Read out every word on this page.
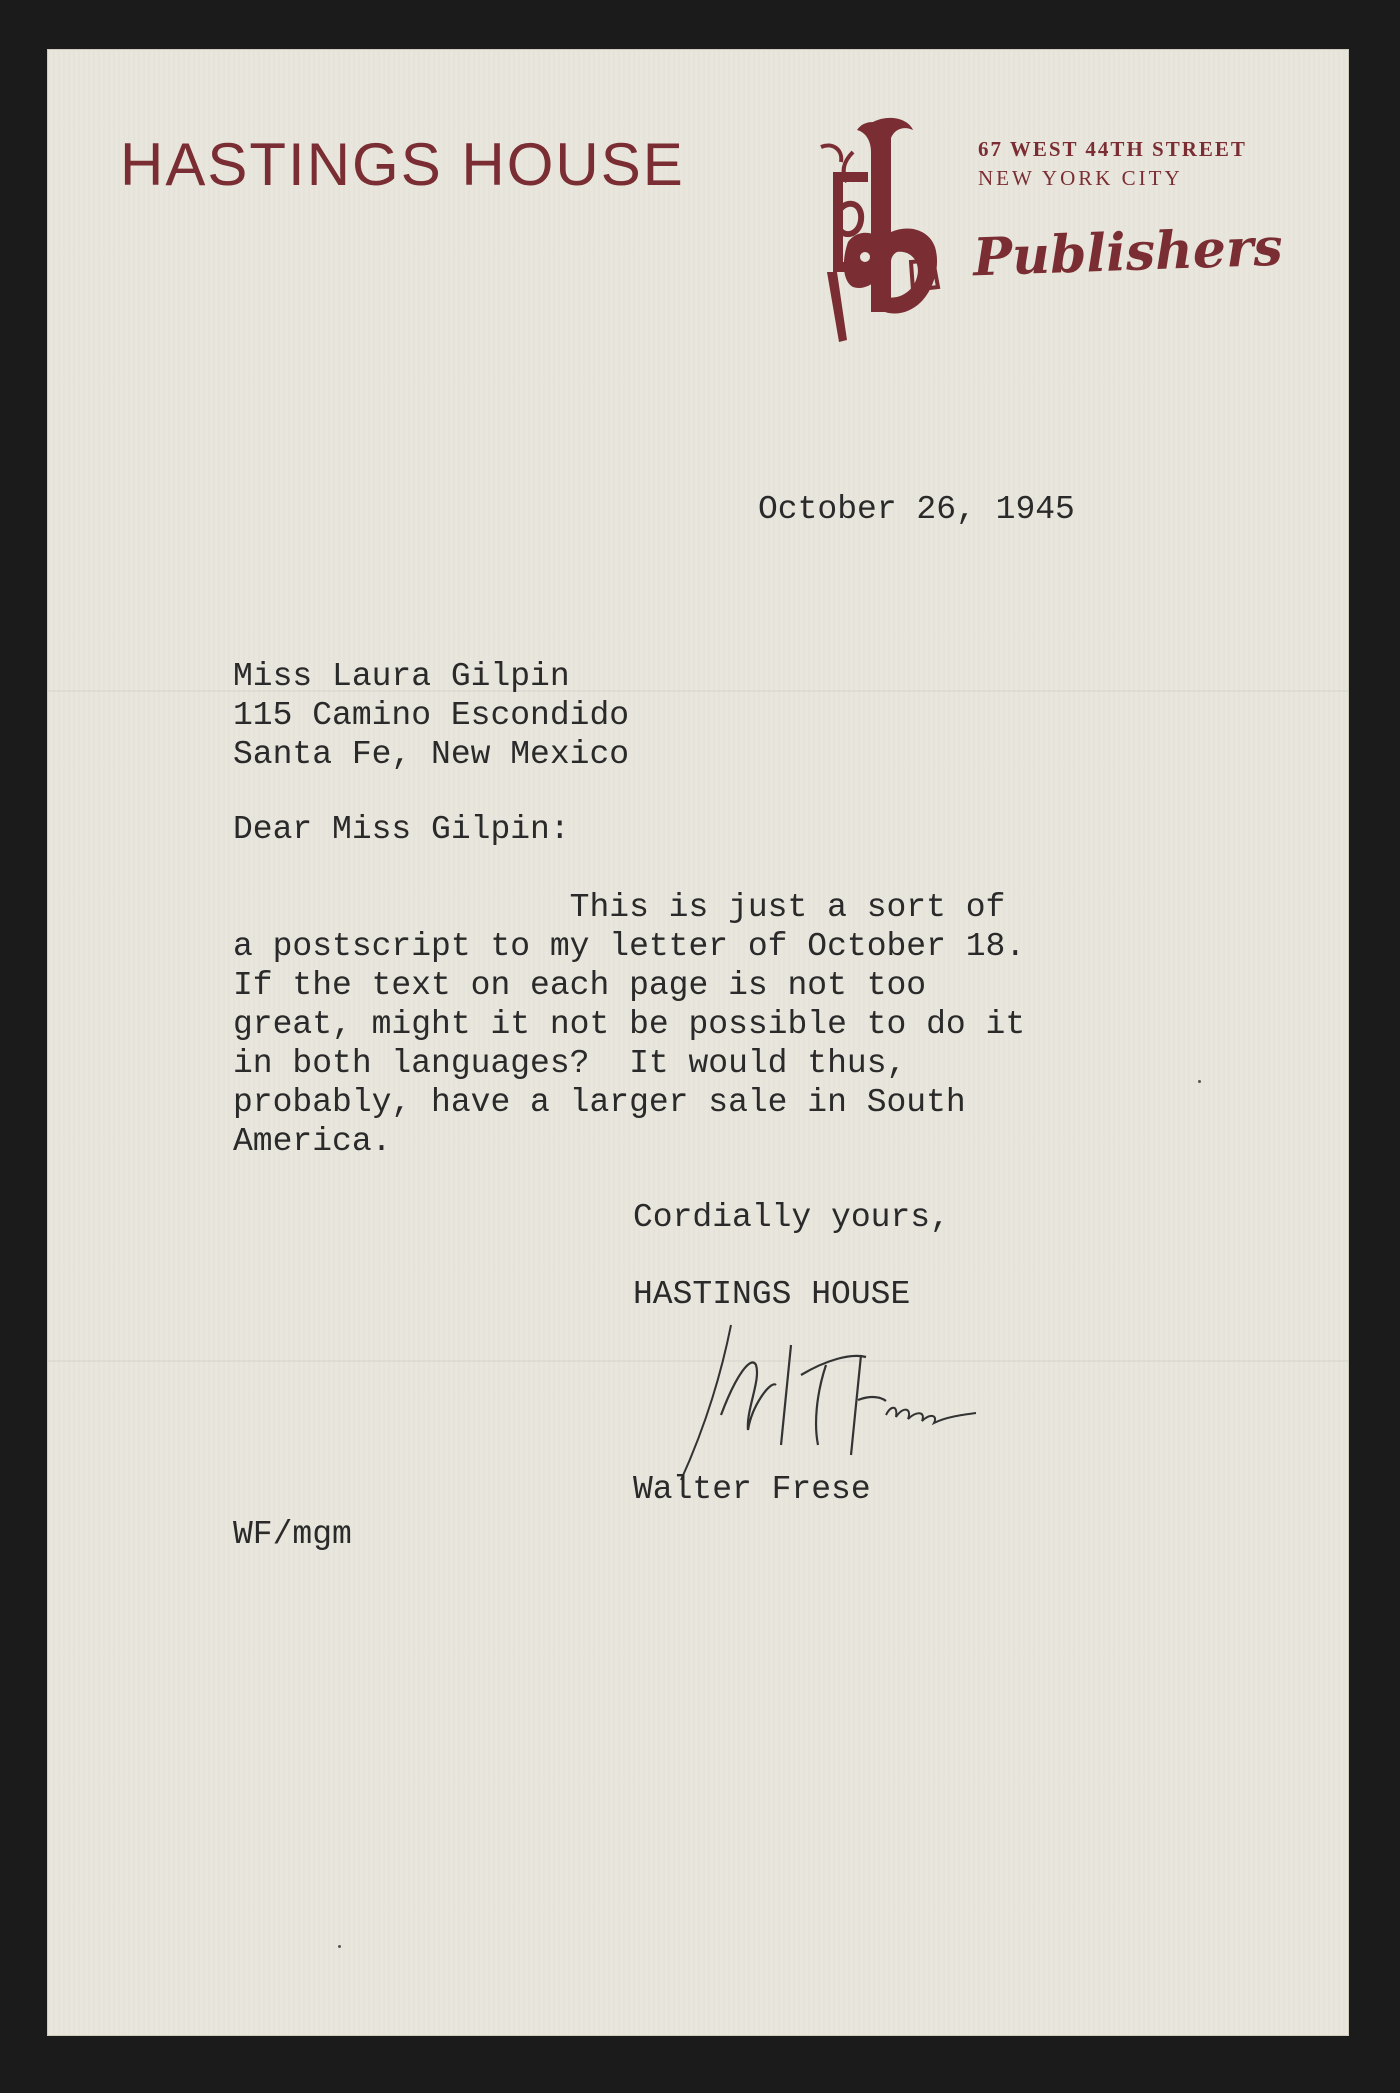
HASTINGS HOUSE	67 WEST 44TH STREET
NEW YORK CITY
Publishers
October 26, 1945
Miss Laura Gilpin
115 Camino Escondido
Santa Fe, New Mexico
Dear Miss Gilpin:
This is just a sort of
a postscript to my letter of October 18.
If the text on each page is not too
great, might it not be possible to do it
in both languages?  It would thus,
probably, have a larger sale in South
America.
Cordially yours,
HASTINGS HOUSE
Walter Frese
WF/mgm
